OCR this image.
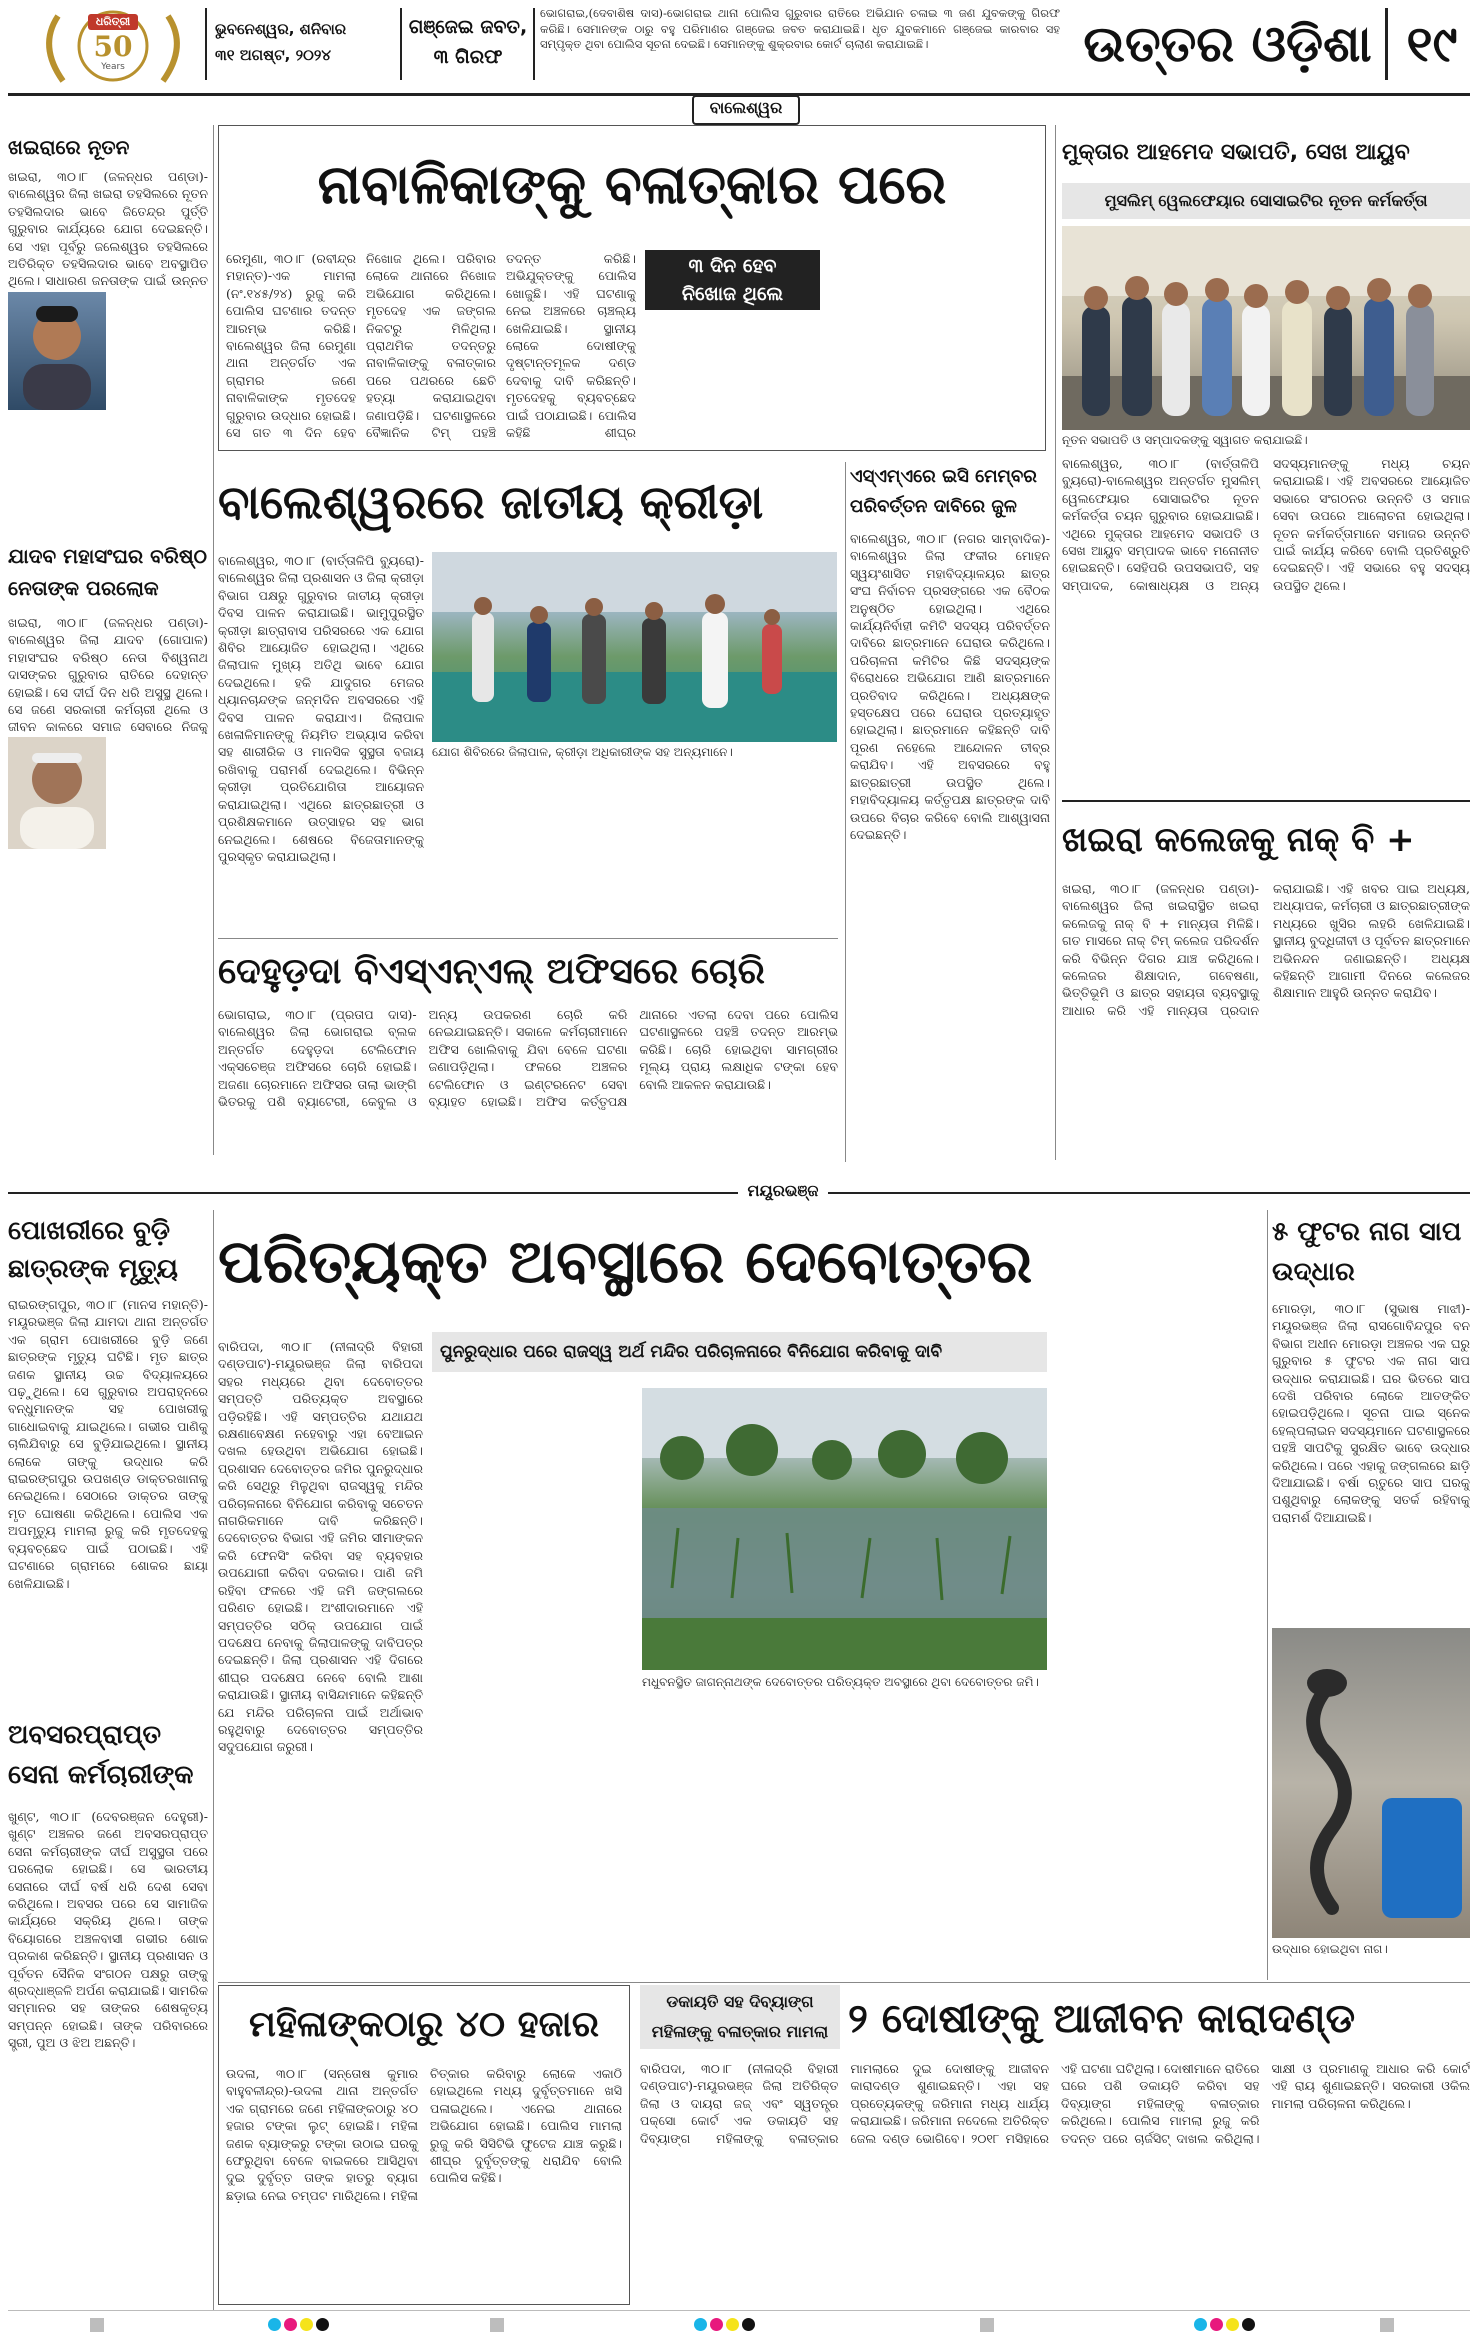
ଧରିତ୍ରୀ
50
Years
ଭୁବନେଶ୍ୱର, ଶନିବାର
୩୧ ଅଗଷ୍ଟ, ୨୦୨୪
ଗଞ୍ଜେଇ ଜବତ,
୩ ଗିରଫ
ଭୋଗରାଇ,(ଦେବାଶିଷ ଦାସ)-ଭୋଗରାଇ ଥାନା ପୋଲିସ ଗୁରୁବାର ରାତିରେ ଅଭିଯାନ ଚଳାଇ ୩ ଜଣ ଯୁବକଙ୍କୁ ଗିରଫ କରିଛି। ସେମାନଙ୍କ ଠାରୁ ବହୁ ପରିମାଣର ଗଞ୍ଜେଇ ଜବତ କରାଯାଇଛି। ଧୃତ ଯୁବକମାନେ ଗଞ୍ଜେଇ କାରବାର ସହ ସମ୍ପୃକ୍ତ ଥିବା ପୋଲିସ ସୂଚନା ଦେଇଛି। ସେମାନଙ୍କୁ ଶୁକ୍ରବାର କୋର୍ଟ ଚାଲାଣ କରାଯାଇଛି।	ଉତ୍ତର ଓଡ଼ିଶା ୧୯
ବାଲେଶ୍ୱର
ଖଇରାରେ ନୂତନ
ଖଇରା, ୩୦।୮ (ଜଳନ୍ଧର ପଣ୍ଡା)-ବାଲେଶ୍ୱର ଜିଲା ଖଇରା ତହସିଲରେ ନୂତନ ତହସିଲଦାର ଭାବେ ଜିତେନ୍ଦ୍ର ପୁର୍ତ୍ତି ଗୁରୁବାର କାର୍ଯ୍ୟରେ ଯୋଗ ଦେଇଛନ୍ତି। ସେ ଏହା ପୂର୍ବରୁ ଜଲେଶ୍ୱର ତହସିଲରେ ଅତିରିକ୍ତ ତହସିଲଦାର ଭାବେ ଅବସ୍ଥାପିତ ଥିଲେ। ସାଧାରଣ ଜନତାଙ୍କ ପାଇଁ ଉନ୍ନତ
ଯାଦବ ମହାସଂଘର ବରିଷ୍ଠ ନେତାଙ୍କ ପରଲୋକ
ଖଇରା, ୩୦।୮ (ଜଳନ୍ଧର ପଣ୍ଡା)-ବାଲେଶ୍ୱର ଜିଲା ଯାଦବ (ଗୋପାଳ) ମହାସଂଘର ବରିଷ୍ଠ ନେତା ବିଶ୍ୱନାଥ ଦାସଙ୍କର ଗୁରୁବାର ରାତିରେ ଦେହାନ୍ତ ହୋଇଛି। ସେ ଦୀର୍ଘ ଦିନ ଧରି ଅସୁସ୍ଥ ଥିଲେ। ସେ ଜଣେ ସରକାରୀ କର୍ମଚାରୀ ଥିଲେ ଓ ଜୀବନ କାଳରେ ସମାଜ ସେବାରେ ନିଜକୁ
ନାବାଳିକାଙ୍କୁ ବଳାତ୍କାର ପରେ
୩ ଦିନ ହେବ
ନିଖୋଜ ଥିଲେ
ରେମୁଣା, ୩୦।୮ (ରବୀନ୍ଦ୍ର ମହାନ୍ତ)-ଏକ ମାମଲା (ନଂ.୧୪୫/୨୪) ରୁଜୁ କରି ପୋଲିସ ଘଟଣାର ତଦନ୍ତ ଆରମ୍ଭ କରିଛି। ବାଲେଶ୍ୱର ଜିଲା ରେମୁଣା ଥାନା ଅନ୍ତର୍ଗତ ଏକ ଗ୍ରାମର ଜଣେ ନାବାଳିକାଙ୍କ ମୃତଦେହ ଗୁରୁବାର ଉଦ୍ଧାର ହୋଇଛି। ସେ ଗତ ୩ ଦିନ ହେବ ନିଖୋଜ ଥିଲେ। ପରିବାର ଲୋକେ ଥାନାରେ ନିଖୋଜ ଅଭିଯୋଗ କରିଥିଲେ। ମୃତଦେହ ଏକ ଜଙ୍ଗଲ ନିକଟରୁ ମିଳିଥିଲା। ପ୍ରାଥମିକ ତଦନ୍ତରୁ ନାବାଳିକାଙ୍କୁ ବଳାତ୍କାର ପରେ ପଥରରେ ଛେଚି ହତ୍ୟା କରାଯାଇଥିବା ଜଣାପଡ଼ିଛି। ଘଟଣାସ୍ଥଳରେ ବୈଜ୍ଞାନିକ ଟିମ୍ ପହଞ୍ଚି ତଦନ୍ତ କରିଛି। ଅଭିଯୁକ୍ତଙ୍କୁ ପୋଲିସ ଖୋଜୁଛି। ଏହି ଘଟଣାକୁ ନେଇ ଅଞ୍ଚଳରେ ଚାଞ୍ଚଲ୍ୟ ଖେଳିଯାଇଛି। ସ୍ଥାନୀୟ ଲୋକେ ଦୋଷୀଙ୍କୁ ଦୃଷ୍ଟାନ୍ତମୂଳକ ଦଣ୍ଡ ଦେବାକୁ ଦାବି କରିଛନ୍ତି। ମୃତଦେହକୁ ବ୍ୟବଚ୍ଛେଦ ପାଇଁ ପଠାଯାଇଛି। ପୋଲିସ କହିଛି ଶୀଘ୍ର
ମୁକ୍ତାର ଆହମେଦ ସଭାପତି, ସେଖ ଆୟୁବ
ମୁସଲିମ୍ ୱେଲଫେୟାର ସୋସାଇଟିର ନୂତନ କର୍ମକର୍ତ୍ତା
ନୂତନ ସଭାପତି ଓ ସମ୍ପାଦକଙ୍କୁ ସ୍ୱାଗତ କରାଯାଇଛି।
ବାଲେଶ୍ୱର, ୩୦।୮ (ବାର୍ତ୍ତାଳିପି ବ୍ୟୁରୋ)-ବାଲେଶ୍ୱର ଅନ୍ତର୍ଗତ ମୁସଲିମ୍ ୱେଲଫେୟାର ସୋସାଇଟିର ନୂତନ କର୍ମକର୍ତ୍ତା ଚୟନ ଗୁରୁବାର ହୋଇଯାଇଛି। ଏଥିରେ ମୁକ୍ତାର ଆହମେଦ ସଭାପତି ଓ ସେଖ ଆୟୁବ ସମ୍ପାଦକ ଭାବେ ମନୋନୀତ ହୋଇଛନ୍ତି। ସେହିପରି ଉପସଭାପତି, ସହ ସମ୍ପାଦକ, କୋଷାଧ୍ୟକ୍ଷ ଓ ଅନ୍ୟ ସଦସ୍ୟମାନଙ୍କୁ ମଧ୍ୟ ଚୟନ କରାଯାଇଛି। ଏହି ଅବସରରେ ଆୟୋଜିତ ସଭାରେ ସଂଗଠନର ଉନ୍ନତି ଓ ସମାଜ ସେବା ଉପରେ ଆଲୋଚନା ହୋଇଥିଲା। ନୂତନ କର୍ମକର୍ତ୍ତାମାନେ ସମାଜର ଉନ୍ନତି ପାଇଁ କାର୍ଯ୍ୟ କରିବେ ବୋଲି ପ୍ରତିଶ୍ରୁତି ଦେଇଛନ୍ତି। ଏହି ସଭାରେ ବହୁ ସଦସ୍ୟ ଉପସ୍ଥିତ ଥିଲେ।
ବାଲେଶ୍ୱରରେ ଜାତୀୟ କ୍ରୀଡ଼ା
ଯୋଗ ଶିବିରରେ ଜିଲାପାଳ, କ୍ରୀଡ଼ା ଅଧିକାରୀଙ୍କ ସହ ଅନ୍ୟମାନେ।
ବାଲେଶ୍ୱର, ୩୦।୮ (ବାର୍ତ୍ତାଳିପି ବ୍ୟୁରୋ)-ବାଲେଶ୍ୱର ଜିଲା ପ୍ରଶାସନ ଓ ଜିଲା କ୍ରୀଡ଼ା ବିଭାଗ ପକ୍ଷରୁ ଗୁରୁବାର ଜାତୀୟ କ୍ରୀଡ଼ା ଦିବସ ପାଳନ କରାଯାଇଛି। ଭାମୁପୁରସ୍ଥିତ କ୍ରୀଡ଼ା ଛାତ୍ରାବାସ ପରିସରରେ ଏକ ଯୋଗ ଶିବିର ଆୟୋଜିତ ହୋଇଥିଲା। ଏଥିରେ ଜିଲାପାଳ ମୁଖ୍ୟ ଅତିଥି ଭାବେ ଯୋଗ ଦେଇଥିଲେ। ହକି ଯାଦୁଗର ମେଜର ଧ୍ୟାନଚାନ୍ଦଙ୍କ ଜନ୍ମଦିନ ଅବସରରେ ଏହି ଦିବସ ପାଳନ କରାଯାଏ। ଜିଲାପାଳ ଖେଳାଳିମାନଙ୍କୁ ନିୟମିତ ଅଭ୍ୟାସ କରିବା ସହ ଶାରୀରିକ ଓ ମାନସିକ ସୁସ୍ଥତା ବଜାୟ ରଖିବାକୁ ପରାମର୍ଶ ଦେଇଥିଲେ। ବିଭିନ୍ନ କ୍ରୀଡ଼ା ପ୍ରତିଯୋଗିତା ଆୟୋଜନ କରାଯାଇଥିଲା। ଏଥିରେ ଛାତ୍ରଛାତ୍ରୀ ଓ ପ୍ରଶିକ୍ଷକମାନେ ଉତ୍ସାହର ସହ ଭାଗ ନେଇଥିଲେ। ଶେଷରେ ବିଜେତାମାନଙ୍କୁ ପୁରସ୍କୃତ କରାଯାଇଥିଲା।
ଏସ୍ଏମ୍ଏରେ ଇସି ମେମ୍ବର ପରିବର୍ତ୍ତନ ଦାବିରେ ଜୁଳ
ବାଲେଶ୍ୱର, ୩୦।୮ (ନଗର ସାମ୍ବାଦିକ)-ବାଲେଶ୍ୱର ଜିଲା ଫକୀର ମୋହନ ସ୍ୱୟଂଶାସିତ ମହାବିଦ୍ୟାଳୟର ଛାତ୍ର ସଂଘ ନିର୍ବାଚନ ପ୍ରସଙ୍ଗରେ ଏକ ବୈଠକ ଅନୁଷ୍ଠିତ ହୋଇଥିଲା। ଏଥିରେ କାର୍ଯ୍ୟନିର୍ବାହୀ କମିଟି ସଦସ୍ୟ ପରିବର୍ତ୍ତନ ଦାବିରେ ଛାତ୍ରମାନେ ଘେରାଉ କରିଥିଲେ। ପରିଚାଳନା କମିଟିର କିଛି ସଦସ୍ୟଙ୍କ ବିରୋଧରେ ଅଭିଯୋଗ ଆଣି ଛାତ୍ରମାନେ ପ୍ରତିବାଦ କରିଥିଲେ। ଅଧ୍ୟକ୍ଷଙ୍କ ହସ୍ତକ୍ଷେପ ପରେ ଘେରାଉ ପ୍ରତ୍ୟାହୃତ ହୋଇଥିଲା। ଛାତ୍ରମାନେ କହିଛନ୍ତି ଦାବି ପୂରଣ ନହେଲେ ଆନ୍ଦୋଳନ ତୀବ୍ର କରାଯିବ। ଏହି ଅବସରରେ ବହୁ ଛାତ୍ରଛାତ୍ରୀ ଉପସ୍ଥିତ ଥିଲେ। ମହାବିଦ୍ୟାଳୟ କର୍ତ୍ତୃପକ୍ଷ ଛାତ୍ରଙ୍କ ଦାବି ଉପରେ ବିଚାର କରିବେ ବୋଲି ଆଶ୍ୱାସନା ଦେଇଛନ୍ତି।	ଖଇରା କଲେଜକୁ ନାକ୍ ବି +
ଖଇରା, ୩୦।୮ (ଜଳନ୍ଧର ପଣ୍ଡା)-ବାଲେଶ୍ୱର ଜିଲା ଖଇରାସ୍ଥିତ ଖଇରା କଲେଜକୁ ନାକ୍ ବି + ମାନ୍ୟତା ମିଳିଛି। ଗତ ମାସରେ ନାକ୍ ଟିମ୍ କଲେଜ ପରିଦର୍ଶନ କରି ବିଭିନ୍ନ ଦିଗର ଯାଞ୍ଚ କରିଥିଲେ। କଲେଜର ଶିକ୍ଷାଦାନ, ଗବେଷଣା, ଭିତ୍ତିଭୂମି ଓ ଛାତ୍ର ସହାୟତା ବ୍ୟବସ୍ଥାକୁ ଆଧାର କରି ଏହି ମାନ୍ୟତା ପ୍ରଦାନ କରାଯାଇଛି। ଏହି ଖବର ପାଇ ଅଧ୍ୟକ୍ଷ, ଅଧ୍ୟାପକ, କର୍ମଚାରୀ ଓ ଛାତ୍ରଛାତ୍ରୀଙ୍କ ମଧ୍ୟରେ ଖୁସିର ଲହରି ଖେଳିଯାଇଛି। ସ୍ଥାନୀୟ ବୁଦ୍ଧିଜୀବୀ ଓ ପୂର୍ବତନ ଛାତ୍ରମାନେ ଅଭିନନ୍ଦନ ଜଣାଇଛନ୍ତି। ଅଧ୍ୟକ୍ଷ କହିଛନ୍ତି ଆଗାମୀ ଦିନରେ କଲେଜର ଶିକ୍ଷାମାନ ଆହୁରି ଉନ୍ନତ କରାଯିବ।
ଦେହୁଡ଼ଦା ବିଏସ୍ଏନ୍ଏଲ୍ ଅଫିସରେ ଚୋରି
ଭୋଗରାଇ, ୩୦।୮ (ପ୍ରତାପ ଦାସ)-ବାଲେଶ୍ୱର ଜିଲା ଭୋଗରାଇ ବ୍ଲକ ଅନ୍ତର୍ଗତ ଦେହୁଡ଼ଦା ଟେଲିଫୋନ ଏକ୍ସଚେଞ୍ଜ ଅଫିସରେ ଚୋରି ହୋଇଛି। ଅଜଣା ଚୋରମାନେ ଅଫିସର ତାଲା ଭାଙ୍ଗି ଭିତରକୁ ପଶି ବ୍ୟାଟେରୀ, କେବୁଲ ଓ ଅନ୍ୟ ଉପକରଣ ଚୋରି କରି ନେଇଯାଇଛନ୍ତି। ସକାଳେ କର୍ମଚାରୀମାନେ ଅଫିସ ଖୋଲିବାକୁ ଯିବା ବେଳେ ଘଟଣା ଜଣାପଡ଼ିଥିଲା। ଫଳରେ ଅଞ୍ଚଳର ଟେଲିଫୋନ ଓ ଇଣ୍ଟରନେଟ ସେବା ବ୍ୟାହତ ହୋଇଛି। ଅଫିସ କର୍ତ୍ତୃପକ୍ଷ ଥାନାରେ ଏତଲା ଦେବା ପରେ ପୋଲିସ ଘଟଣାସ୍ଥଳରେ ପହଞ୍ଚି ତଦନ୍ତ ଆରମ୍ଭ କରିଛି। ଚୋରି ହୋଇଥିବା ସାମଗ୍ରୀର ମୂଲ୍ୟ ପ୍ରାୟ ଲକ୍ଷାଧିକ ଟଙ୍କା ହେବ ବୋଲି ଆକଳନ କରାଯାଉଛି।
ମୟୂରଭଞ୍ଜ
ପୋଖରୀରେ ବୁଡ଼ି ଛାତ୍ରଙ୍କ ମୃତ୍ୟୁ
ରାଇରଙ୍ଗପୁର, ୩୦।୮ (ମାନସ ମହାନ୍ତି)-ମୟୂରଭଞ୍ଜ ଜିଲା ଯାମଦା ଥାନା ଅନ୍ତର୍ଗତ ଏକ ଗ୍ରାମ ପୋଖରୀରେ ବୁଡ଼ି ଜଣେ ଛାତ୍ରଙ୍କ ମୃତ୍ୟୁ ଘଟିଛି। ମୃତ ଛାତ୍ର ଜଣକ ସ୍ଥାନୀୟ ଉଚ୍ଚ ବିଦ୍ୟାଳୟରେ ପଢ଼ୁଥିଲେ। ସେ ଗୁରୁବାର ଅପରାହ୍ନରେ ବନ୍ଧୁମାନଙ୍କ ସହ ପୋଖରୀକୁ ଗାଧୋଇବାକୁ ଯାଇଥିଲେ। ଗଭୀର ପାଣିକୁ ଚାଲିଯିବାରୁ ସେ ବୁଡ଼ିଯାଇଥିଲେ। ସ୍ଥାନୀୟ ଲୋକେ ତାଙ୍କୁ ଉଦ୍ଧାର କରି ରାଇରଙ୍ଗପୁର ଉପଖଣ୍ଡ ଡାକ୍ତରଖାନାକୁ ନେଇଥିଲେ। ସେଠାରେ ଡାକ୍ତର ତାଙ୍କୁ ମୃତ ଘୋଷଣା କରିଥିଲେ। ପୋଲିସ ଏକ ଅପମୃତ୍ୟୁ ମାମଲା ରୁଜୁ କରି ମୃତଦେହକୁ ବ୍ୟବଚ୍ଛେଦ ପାଇଁ ପଠାଇଛି। ଏହି ଘଟଣାରେ ଗ୍ରାମରେ ଶୋକର ଛାୟା ଖେଳିଯାଇଛି।
ଅବସରପ୍ରାପ୍ତ ସେନା କର୍ମଚାରୀଙ୍କ
ଖୁଣ୍ଟ, ୩୦।୮ (ଦେବରଞ୍ଜନ ଦେହୁରୀ)-ଖୁଣ୍ଟ ଅଞ୍ଚଳର ଜଣେ ଅବସରପ୍ରାପ୍ତ ସେନା କର୍ମଚାରୀଙ୍କ ଦୀର୍ଘ ଅସୁସ୍ଥତା ପରେ ପରଲୋକ ହୋଇଛି। ସେ ଭାରତୀୟ ସେନାରେ ଦୀର୍ଘ ବର୍ଷ ଧରି ଦେଶ ସେବା କରିଥିଲେ। ଅବସର ପରେ ସେ ସାମାଜିକ କାର୍ଯ୍ୟରେ ସକ୍ରିୟ ଥିଲେ। ତାଙ୍କ ବିୟୋଗରେ ଅଞ୍ଚଳବାସୀ ଗଭୀର ଶୋକ ପ୍ରକାଶ କରିଛନ୍ତି। ସ୍ଥାନୀୟ ପ୍ରଶାସନ ଓ ପୂର୍ବତନ ସୈନିକ ସଂଗଠନ ପକ୍ଷରୁ ତାଙ୍କୁ ଶ୍ରଦ୍ଧାଞ୍ଜଳି ଅର୍ପଣ କରାଯାଇଛି। ସାମରିକ ସମ୍ମାନର ସହ ତାଙ୍କର ଶେଷକୃତ୍ୟ ସମ୍ପନ୍ନ ହୋଇଛି। ତାଙ୍କ ପରିବାରରେ ସ୍ତ୍ରୀ, ପୁଅ ଓ ଝିଅ ଅଛନ୍ତି।
ପରିତ୍ୟକ୍ତ ଅବସ୍ଥାରେ ଦେବୋତ୍ତର
ପୁନରୁଦ୍ଧାର ପରେ ରାଜସ୍ୱ ଅର୍ଥ ମନ୍ଦିର ପରିଚାଳନାରେ ବିନିଯୋଗ କରିବାକୁ ଦାବି
ମଧୁବନସ୍ଥିତ ଜାଗନ୍ନାଥଙ୍କ ଦେବୋତ୍ତର ପରିତ୍ୟକ୍ତ ଅବସ୍ଥାରେ ଥିବା ଦେବୋତ୍ତର ଜମି।
ବାରିପଦା, ୩୦।୮ (ନୀଳାଦ୍ରି ବିହାରୀ ଦଣ୍ଡପାଟ)-ମୟୂରଭଞ୍ଜ ଜିଲା ବାରିପଦା ସହର ମଧ୍ୟରେ ଥିବା ଦେବୋତ୍ତର ସମ୍ପତ୍ତି ପରିତ୍ୟକ୍ତ ଅବସ୍ଥାରେ ପଡ଼ିରହିଛି। ଏହି ସମ୍ପତ୍ତିର ଯଥାଯଥ ରକ୍ଷଣାବେକ୍ଷଣ ନହେବାରୁ ଏହା ବେଆଇନ ଦଖଲ ହେଉଥିବା ଅଭିଯୋଗ ହୋଇଛି। ପ୍ରଶାସନ ଦେବୋତ୍ତର ଜମିର ପୁନରୁଦ୍ଧାର କରି ସେଥିରୁ ମିଳୁଥିବା ରାଜସ୍ୱକୁ ମନ୍ଦିର ପରିଚାଳନାରେ ବିନିଯୋଗ କରିବାକୁ ସଚେତନ ନାଗରିକମାନେ ଦାବି କରିଛନ୍ତି। ଦେବୋତ୍ତର ବିଭାଗ ଏହି ଜମିର ସୀମାଙ୍କନ କରି ଫେନସିଂ କରିବା ସହ ବ୍ୟବହାର ଉପଯୋଗୀ କରିବା ଦରକାର। ପାଣି ଜମି ରହିବା ଫଳରେ ଏହି ଜମି ଜଙ୍ଗଲରେ ପରିଣତ ହୋଇଛି। ଅଂଶୀଦାରମାନେ ଏହି ସମ୍ପତ୍ତିର ସଠିକ୍ ଉପଯୋଗ ପାଇଁ ପଦକ୍ଷେପ ନେବାକୁ ଜିଲାପାଳଙ୍କୁ ଦାବିପତ୍ର ଦେଇଛନ୍ତି। ଜିଲା ପ୍ରଶାସନ ଏହି ଦିଗରେ ଶୀଘ୍ର ପଦକ୍ଷେପ ନେବେ ବୋଲି ଆଶା କରାଯାଉଛି। ସ୍ଥାନୀୟ ବାସିନ୍ଦାମାନେ କହିଛନ୍ତି ଯେ ମନ୍ଦିର ପରିଚାଳନା ପାଇଁ ଅର୍ଥାଭାବ ରହୁଥିବାରୁ ଦେବୋତ୍ତର ସମ୍ପତ୍ତିର ସଦୁପଯୋଗ ଜରୁରୀ।
୫ ଫୁଟର ନାଗ ସାପ ଉଦ୍ଧାର
ମୋରଡ଼ା, ୩୦।୮ (ସୁଭାଷ ମାଝୀ)-ମୟୂରଭଞ୍ଜ ଜିଲା ରାସଗୋବିନ୍ଦପୁର ବନ ବିଭାଗ ଅଧୀନ ମୋରଡ଼ା ଅଞ୍ଚଳର ଏକ ଘରୁ ଗୁରୁବାର ୫ ଫୁଟର ଏକ ନାଗ ସାପ ଉଦ୍ଧାର କରାଯାଇଛି। ଘର ଭିତରେ ସାପ ଦେଖି ପରିବାର ଲୋକେ ଆତଙ୍କିତ ହୋଇପଡ଼ିଥିଲେ। ସୂଚନା ପାଇ ସ୍ନେକ ହେଲ୍ପଲାଇନ ସଦସ୍ୟମାନେ ଘଟଣାସ୍ଥଳରେ ପହଞ୍ଚି ସାପଟିକୁ ସୁରକ୍ଷିତ ଭାବେ ଉଦ୍ଧାର କରିଥିଲେ। ପରେ ଏହାକୁ ଜଙ୍ଗଲରେ ଛାଡ଼ି ଦିଆଯାଇଛି। ବର୍ଷା ଋତୁରେ ସାପ ଘରକୁ ପଶୁଥିବାରୁ ଲୋକଙ୍କୁ ସତର୍କ ରହିବାକୁ ପରାମର୍ଶ ଦିଆଯାଇଛି।
ଉଦ୍ଧାର ହୋଇଥିବା ନାଗ।
ମହିଳାଙ୍କଠାରୁ ୪୦ ହଜାର
ଉଦଳା, ୩୦।୮ (ସନ୍ତୋଷ କୁମାର ବାହୁବଳୀନ୍ଦ୍ର)-ଉଦଳା ଥାନା ଅନ୍ତର୍ଗତ ଏକ ଗ୍ରାମରେ ଜଣେ ମହିଳାଙ୍କଠାରୁ ୪୦ ହଜାର ଟଙ୍କା ଲୁଟ୍ ହୋଇଛି। ମହିଳା ଜଣକ ବ୍ୟାଙ୍କରୁ ଟଙ୍କା ଉଠାଇ ଘରକୁ ଫେରୁଥିବା ବେଳେ ବାଇକରେ ଆସିଥିବା ଦୁଇ ଦୁର୍ବୃତ୍ତ ତାଙ୍କ ହାତରୁ ବ୍ୟାଗ ଛଡ଼ାଇ ନେଇ ଚମ୍ପଟ ମାରିଥିଲେ। ମହିଳା ଚିତ୍କାର କରିବାରୁ ଲୋକେ ଏକାଠି ହୋଇଥିଲେ ମଧ୍ୟ ଦୁର୍ବୃତ୍ତମାନେ ଖସି ପଳାଇଥିଲେ। ଏନେଇ ଥାନାରେ ଅଭିଯୋଗ ହୋଇଛି। ପୋଲିସ ମାମଲା ରୁଜୁ କରି ସିସିଟିଭି ଫୁଟେଜ ଯାଞ୍ଚ କରୁଛି। ଶୀଘ୍ର ଦୁର୍ବୃତ୍ତଙ୍କୁ ଧରାଯିବ ବୋଲି ପୋଲିସ କହିଛି।
ଡକାୟତି ସହ ଦିବ୍ୟାଙ୍ଗ
ମହିଳାଙ୍କୁ ବଳାତ୍କାର ମାମଲା ୨ ଦୋଷୀଙ୍କୁ ଆଜୀବନ କାରାଦଣ୍ଡ
ବାରିପଦା, ୩୦।୮ (ନୀଳାଦ୍ରି ବିହାରୀ ଦଣ୍ଡପାଟ)-ମୟୂରଭଞ୍ଜ ଜିଲା ଅତିରିକ୍ତ ଜିଲା ଓ ଦାୟରା ଜଜ୍ ଏବଂ ସ୍ୱତନ୍ତ୍ର ପକ୍ସୋ କୋର୍ଟ ଏକ ଡକାୟତି ସହ ଦିବ୍ୟାଙ୍ଗ ମହିଳାଙ୍କୁ ବଳାତ୍କାର ମାମଲାରେ ଦୁଇ ଦୋଷୀଙ୍କୁ ଆଜୀବନ କାରାଦଣ୍ଡ ଶୁଣାଇଛନ୍ତି। ଏହା ସହ ପ୍ରତ୍ୟେକଙ୍କୁ ଜରିମାନା ମଧ୍ୟ ଧାର୍ଯ୍ୟ କରାଯାଇଛି। ଜରିମାନା ନଦେଲେ ଅତିରିକ୍ତ ଜେଲ ଦଣ୍ଡ ଭୋଗିବେ। ୨୦୧୮ ମସିହାରେ ଏହି ଘଟଣା ଘଟିଥିଲା। ଦୋଷୀମାନେ ରାତିରେ ଘରେ ପଶି ଡକାୟତି କରିବା ସହ ଦିବ୍ୟାଙ୍ଗ ମହିଳାଙ୍କୁ ବଳାତ୍କାର କରିଥିଲେ। ପୋଲିସ ମାମଲା ରୁଜୁ କରି ତଦନ୍ତ ପରେ ଚାର୍ଜସିଟ୍ ଦାଖଲ କରିଥିଲା। ସାକ୍ଷୀ ଓ ପ୍ରମାଣକୁ ଆଧାର କରି କୋର୍ଟ ଏହି ରାୟ ଶୁଣାଇଛନ୍ତି। ସରକାରୀ ଓକିଲ ମାମଲା ପରିଚାଳନା କରିଥିଲେ।
